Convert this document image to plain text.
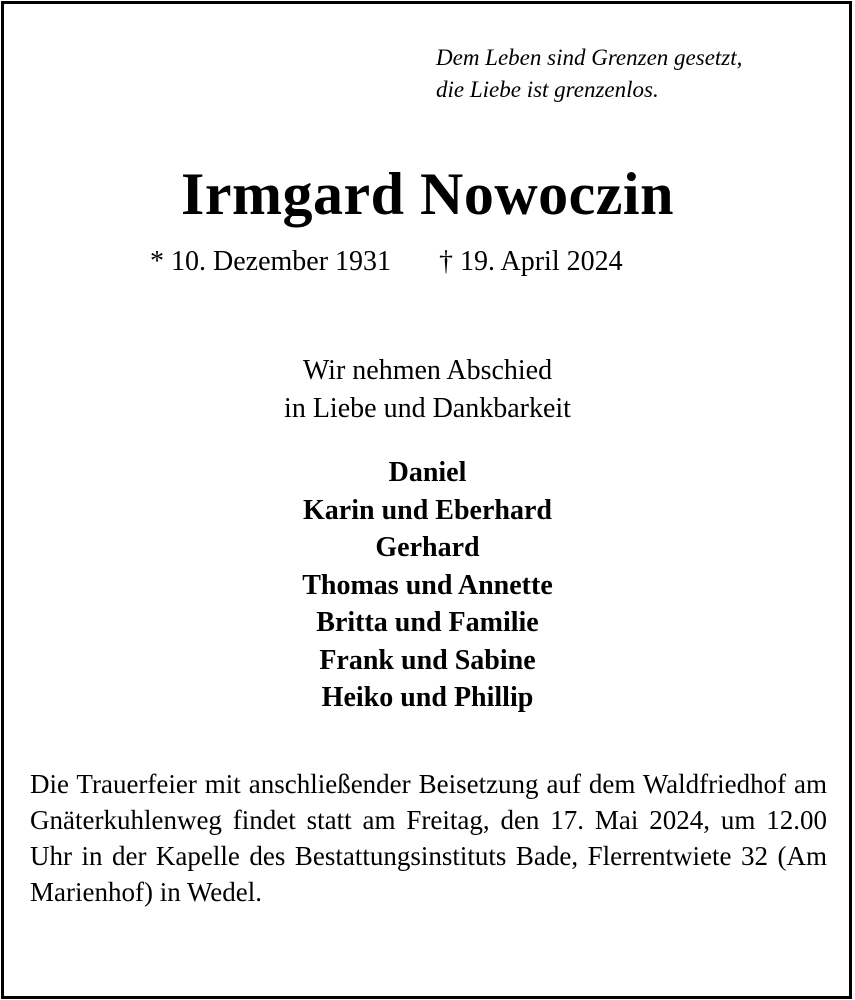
Dem Leben sind Grenzen gesetzt,
die Liebe ist grenzenlos.
Irmgard Nowoczin
* 10. Dezember 1931 † 19. April 2024
Wir nehmen Abschied
in Liebe und Dankbarkeit
Daniel
Karin und Eberhard
Gerhard
Thomas und Annette
Britta und Familie
Frank und Sabine
Heiko und Phillip
Die Trauerfeier mit anschließender Beisetzung auf dem Waldfriedhof am Gnäterkuhlenweg findet statt am Freitag, den 17. Mai 2024, um 12.00 Uhr in der Kapelle des Bestattungsinstituts Bade, Flerrentwiete 32 (Am Marienhof) in Wedel.
